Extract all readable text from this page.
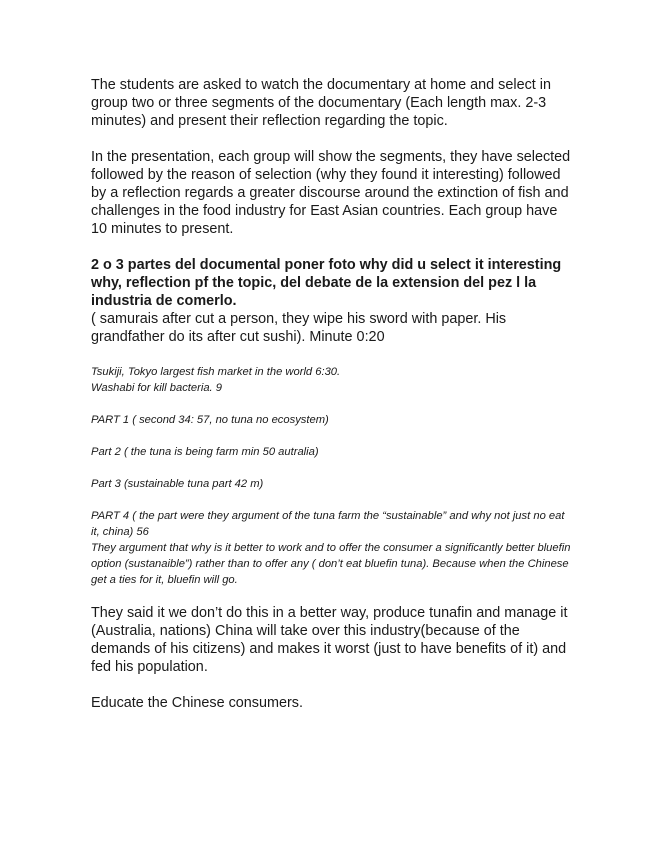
The students are asked to watch the documentary at home and select in group two or three segments of the documentary (Each length max. 2-3 minutes) and present their reflection regarding the topic.

In the presentation, each group will show the segments, they have selected followed by the reason of selection (why they found it interesting) followed by a reflection regards a greater discourse around the extinction of fish and challenges in the food industry for East Asian countries. Each group have 10 minutes to present.

2 o 3 partes del documental poner foto why did u select it interesting why, reflection pf the topic, del debate de la extension del pez l la industria de comerlo.

( samurais after cut a person, they wipe his sword with paper. His grandfather do its after cut sushi). Minute 0:20

Tsukiji, Tokyo largest fish market in the world 6:30.

Washabi for kill bacteria. 9

PART 1 ( second 34: 57, no tuna no ecosystem)

Part 2 ( the tuna is being farm min 50 autralia)

Part 3 (sustainable tuna part 42 m)

PART 4 ( the part were they argument of the tuna farm the “sustainable” and why not just no eat it, china) 56

They argument that why is it better to work and to offer the consumer a significantly better bluefin option (sustanaible”) rather than to offer any ( don’t eat bluefin tuna). Because when the Chinese get a ties for it, bluefin will go.

They said it we don’t do this in a better way, produce tunafin and manage it (Australia, nations) China will take over this industry(because of the demands of his citizens) and makes it worst (just to have benefits of it) and fed his population.

Educate the Chinese consumers.
